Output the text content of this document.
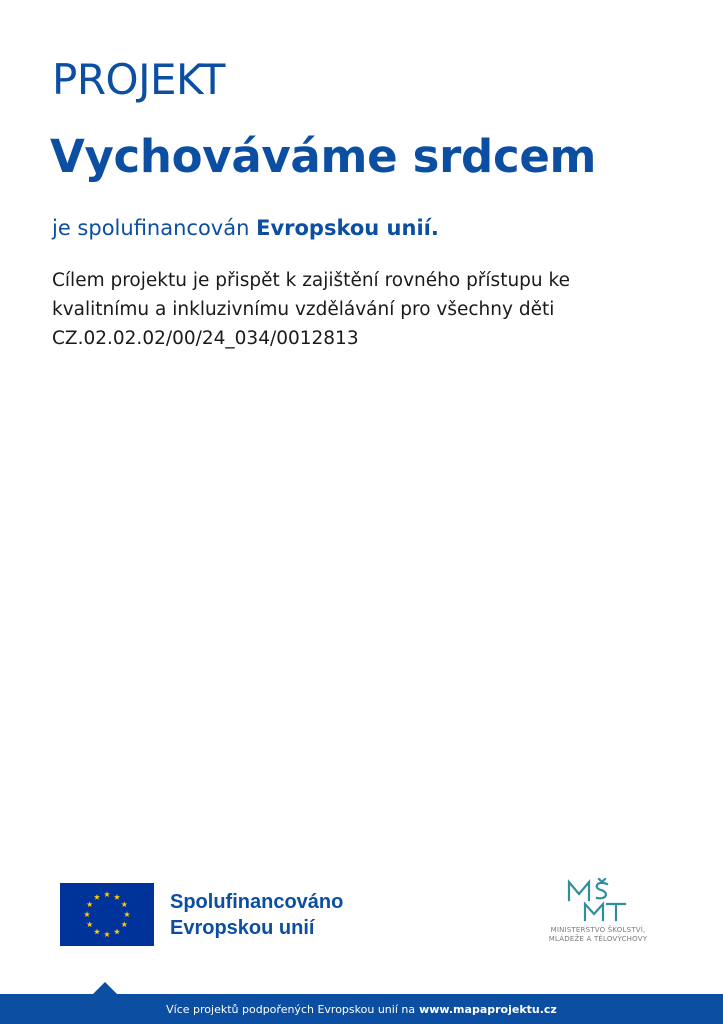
PROJEKT
Vychováváme srdcem
je spolufinancován Evropskou unií.
Cílem projektu je přispět k zajištění rovného přístupu ke
kvalitnímu a inkluzivnímu vzdělávání pro všechny děti
CZ.02.02.02/00/24_034/0012813
Spolufinancováno
Evropskou unií	MINISTERSTVO ŠKOLSTVÍ,
MLÁDEŽE A TĚLOVÝCHOVY
Více projektů podpořených Evropskou unií na www.mapaprojektu.cz
